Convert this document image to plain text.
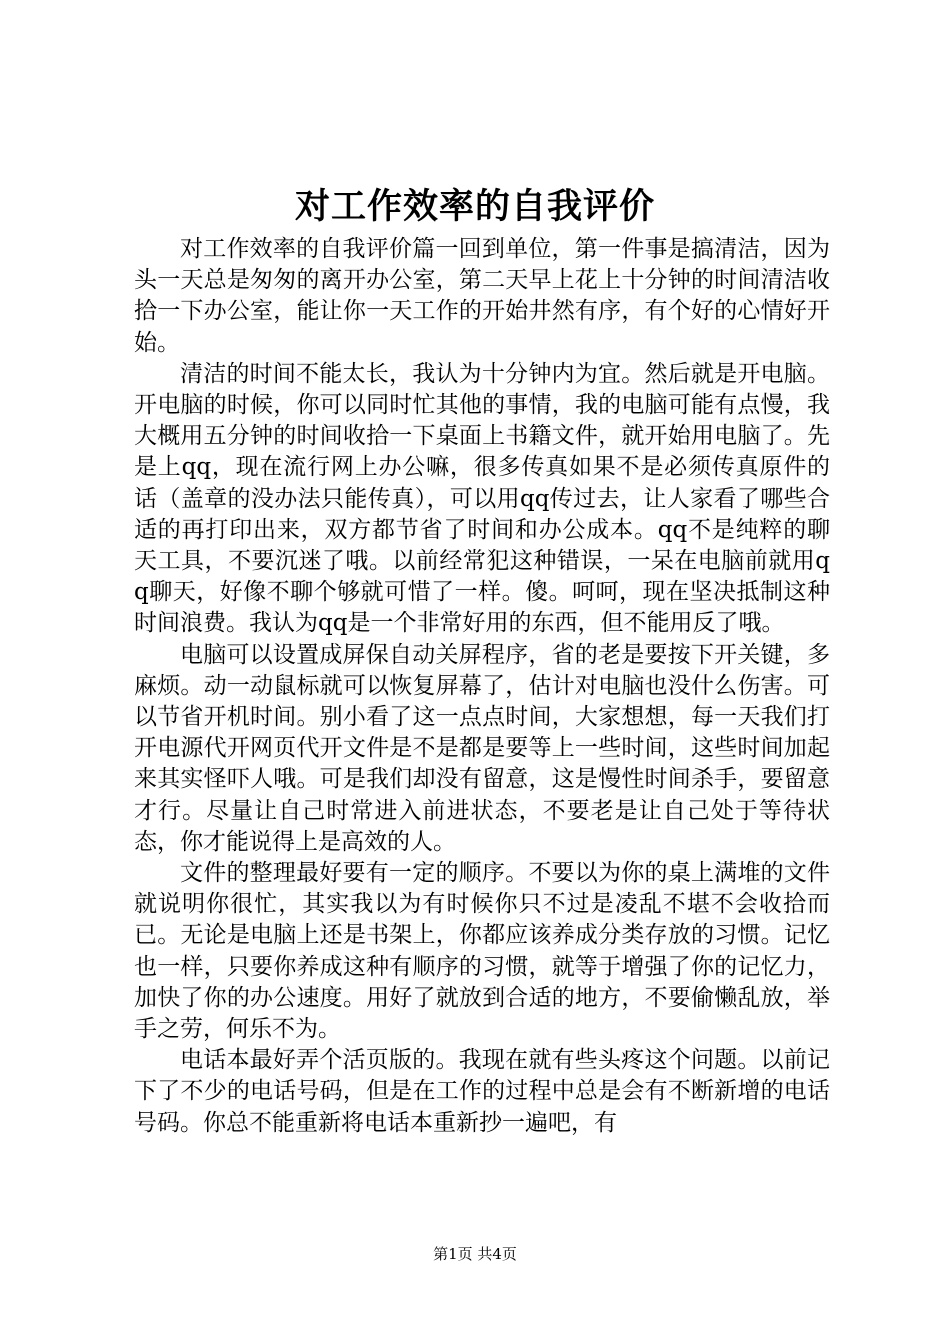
对工作效率的自我评价

对工作效率的自我评价篇一回到单位，第一件事是搞清洁，因为头一天总是匆匆的离开办公室，第二天早上花上十分钟的时间清洁收拾一下办公室，能让你一天工作的开始井然有序，有个好的心情好开始。

清洁的时间不能太长，我认为十分钟内为宜。然后就是开电脑。开电脑的时候，你可以同时忙其他的事情，我的电脑可能有点慢，我大概用五分钟的时间收拾一下桌面上书籍文件，就开始用电脑了。先是上qq，现在流行网上办公嘛，很多传真如果不是必须传真原件的话（盖章的没办法只能传真），可以用qq传过去，让人家看了哪些合适的再打印出来，双方都节省了时间和办公成本。qq不是纯粹的聊天工具，不要沉迷了哦。以前经常犯这种错误，一呆在电脑前就用qq聊天，好像不聊个够就可惜了一样。傻。呵呵，现在坚决抵制这种时间浪费。我认为qq是一个非常好用的东西，但不能用反了哦。

电脑可以设置成屏保自动关屏程序，省的老是要按下开关键，多麻烦。动一动鼠标就可以恢复屏幕了，估计对电脑也没什么伤害。可以节省开机时间。别小看了这一点点时间，大家想想，每一天我们打开电源代开网页代开文件是不是都是要等上一些时间，这些时间加起来其实怪吓人哦。可是我们却没有留意，这是慢性时间杀手，要留意才行。尽量让自己时常进入前进状态，不要老是让自己处于等待状态，你才能说得上是高效的人。

文件的整理最好要有一定的顺序。不要以为你的桌上满堆的文件就说明你很忙，其实我以为有时候你只不过是凌乱不堪不会收拾而已。无论是电脑上还是书架上，你都应该养成分类存放的习惯。记忆也一样，只要你养成这种有顺序的习惯，就等于增强了你的记忆力，加快了你的办公速度。用好了就放到合适的地方，不要偷懒乱放，举手之劳，何乐不为。

电话本最好弄个活页版的。我现在就有些头疼这个问题。以前记下了不少的电话号码，但是在工作的过程中总是会有不断新增的电话号码。你总不能重新将电话本重新抄一遍吧，有

第1页 共4页
